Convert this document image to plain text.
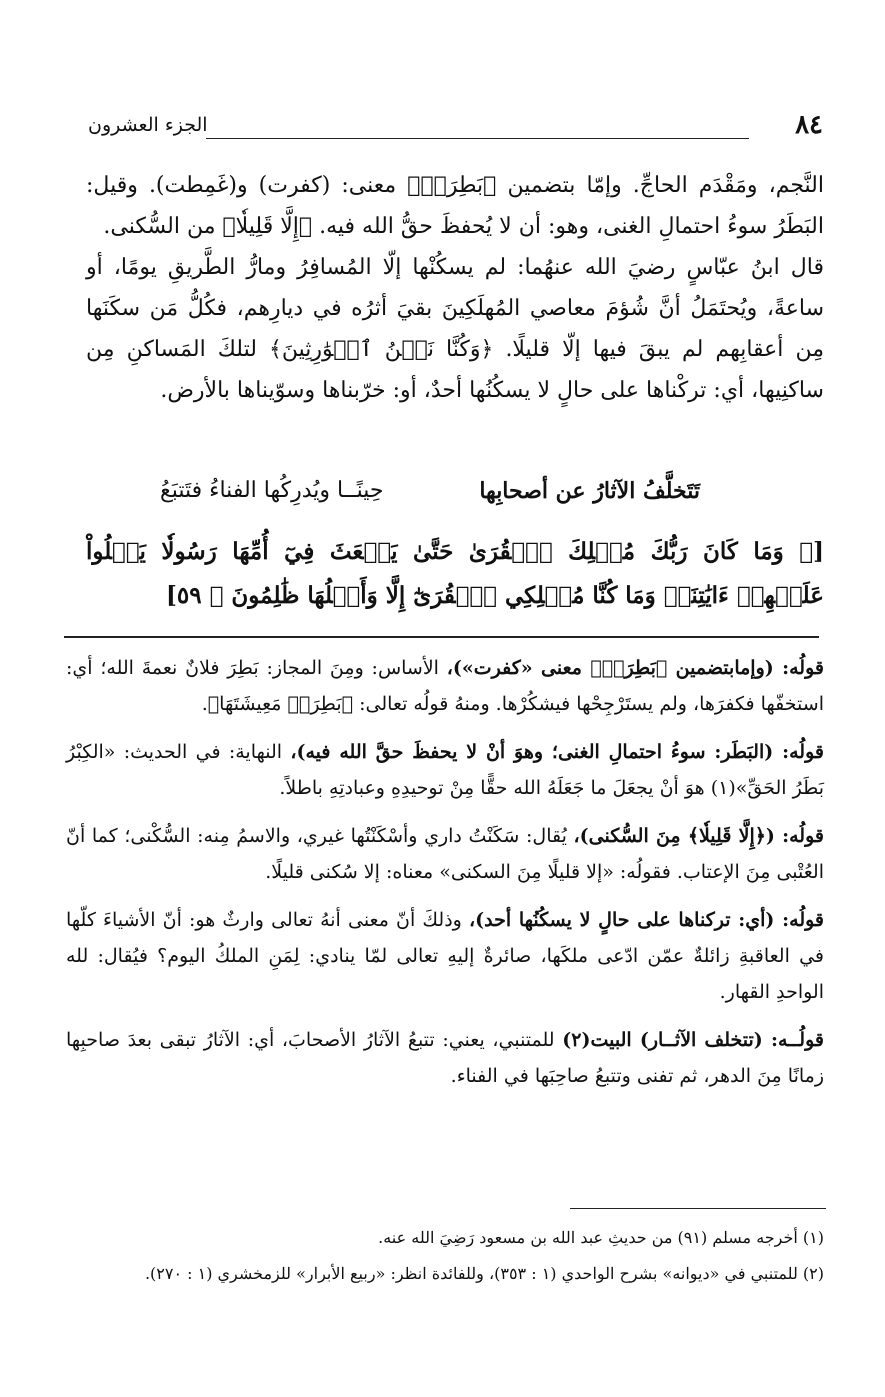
٨٤
الجزء العشرون

النَّجم، ومَقْدَم الحاجِّ. وإمّا بتضمين ﴿بَطِرَتۡ﴾ معنى: (كفرت) و(غَمِطت). وقيل: البَطَرُ سوءُ احتمالِ الغنى، وهو: أن لا يُحفظَ حقُّ الله فيه. ﴿إِلَّا قَلِيلٗا﴾ من السُّكنى.

قال ابنُ عبّاسٍ رضيَ الله عنهُما: لم يسكُنْها إلّا المُسافِرُ ومارُّ الطَّريقِ يومًا، أو ساعةً، ويُحتَمَلُ أنَّ شُؤمَ معاصي المُهلَكِينَ بقيَ أثرُه في ديارِهم، فكُلُّ مَن سكَنَها مِن أعقابِهم لم يبقَ فيها إلّا قليلًا. ﴿وَكُنَّا نَحۡنُ ٱلۡوَٰرِثِينَ﴾ لتلكَ المَساكنِ مِن ساكنِيها، أي: تركْناها على حالٍ لا يسكُنُها أحدٌ، أو: خرّبناها وسوّيناها بالأرض.

تَتَخلَّفُ الآثارُ عن أصحابِها
حِينًــا ويُدرِكُها الفناءُ فتَتبَعُ
[﴿ وَمَا كَانَ رَبُّكَ مُهۡلِكَ ٱلۡقُرَىٰ حَتَّىٰ يَبۡعَثَ فِيٓ أُمِّهَا رَسُولٗا يَتۡلُواْ عَلَيۡهِمۡ ءَايَٰتِنَاۚ وَمَا كُنَّا مُهۡلِكِي ٱلۡقُرَىٰٓ إِلَّا وَأَهۡلُهَا ظَٰلِمُونَ ﴾ ٥٩]

قولُه: (وإمابتضمين ﴿بَطِرَتۡ﴾ معنى «كفرت»)، الأساس: ومِنَ المجاز: بَطِرَ فلانٌ نعمةَ الله؛ أي: استخفّها فكفرَها، ولم يستَرْجِحْها فيشكُرْها. ومنهُ قولُه تعالى: ﴿بَطِرَتۡ مَعِيشَتَهَا﴾.

قولُه: (البَطَر: سوءُ احتمالِ الغنى؛ وهوَ أنْ لا يحفظَ حقَّ الله فيه)، النهاية: في الحديث: «الكِبْرُ بَطَرُ الحَقِّ»(١) هوَ أنْ يجعَلَ ما جَعَلَهُ الله حقًّا مِنْ توحيدِهِ وعبادتِهِ باطلاً.

قولُه: (﴿إِلَّا قَلِيلٗا﴾ مِنَ السُّكنى)، يُقال: سَكَنْتُ داري وأسْكَنْتُها غيري، والاسمُ مِنه: السُّكْنى؛ كما أنّ العُتْبى مِنَ الإعتاب. فقولُه: «إلا قليلًا مِنَ السكنى» معناه: إلا سُكنى قليلًا.

قولُه: (أي: تركناها على حالٍ لا يسكُنُها أحد)، وذلكَ أنّ معنى أنهُ تعالى وارثٌ هو: أنّ الأشياءَ كلّها في العاقبةِ زائلةٌ عمّن ادّعى ملكَها، صائرةٌ إليهِ تعالى لمّا ينادي: لِمَنِ الملكُ اليوم؟ فيُقال: لله الواحدِ القهار.

قولُــه: (تتخلف الآثــار) البيت(٢) للمتنبي، يعني: تتبعُ الآثارُ الأصحابَ، أي: الآثارُ تبقى بعدَ صاحبِها زمانًا مِنَ الدهر، ثم تفنى وتتبعُ صاحِبَها في الفناء.

(١) أخرجه مسلم (٩١) من حديثِ عبد الله بن مسعود رَضِيَ الله عنه.

(٢) للمتنبي في «ديوانه» بشرح الواحدي (١ : ٣٥٣)، وللفائدة انظر: «ربيع الأبرار» للزمخشري (١ : ٢٧٠).
